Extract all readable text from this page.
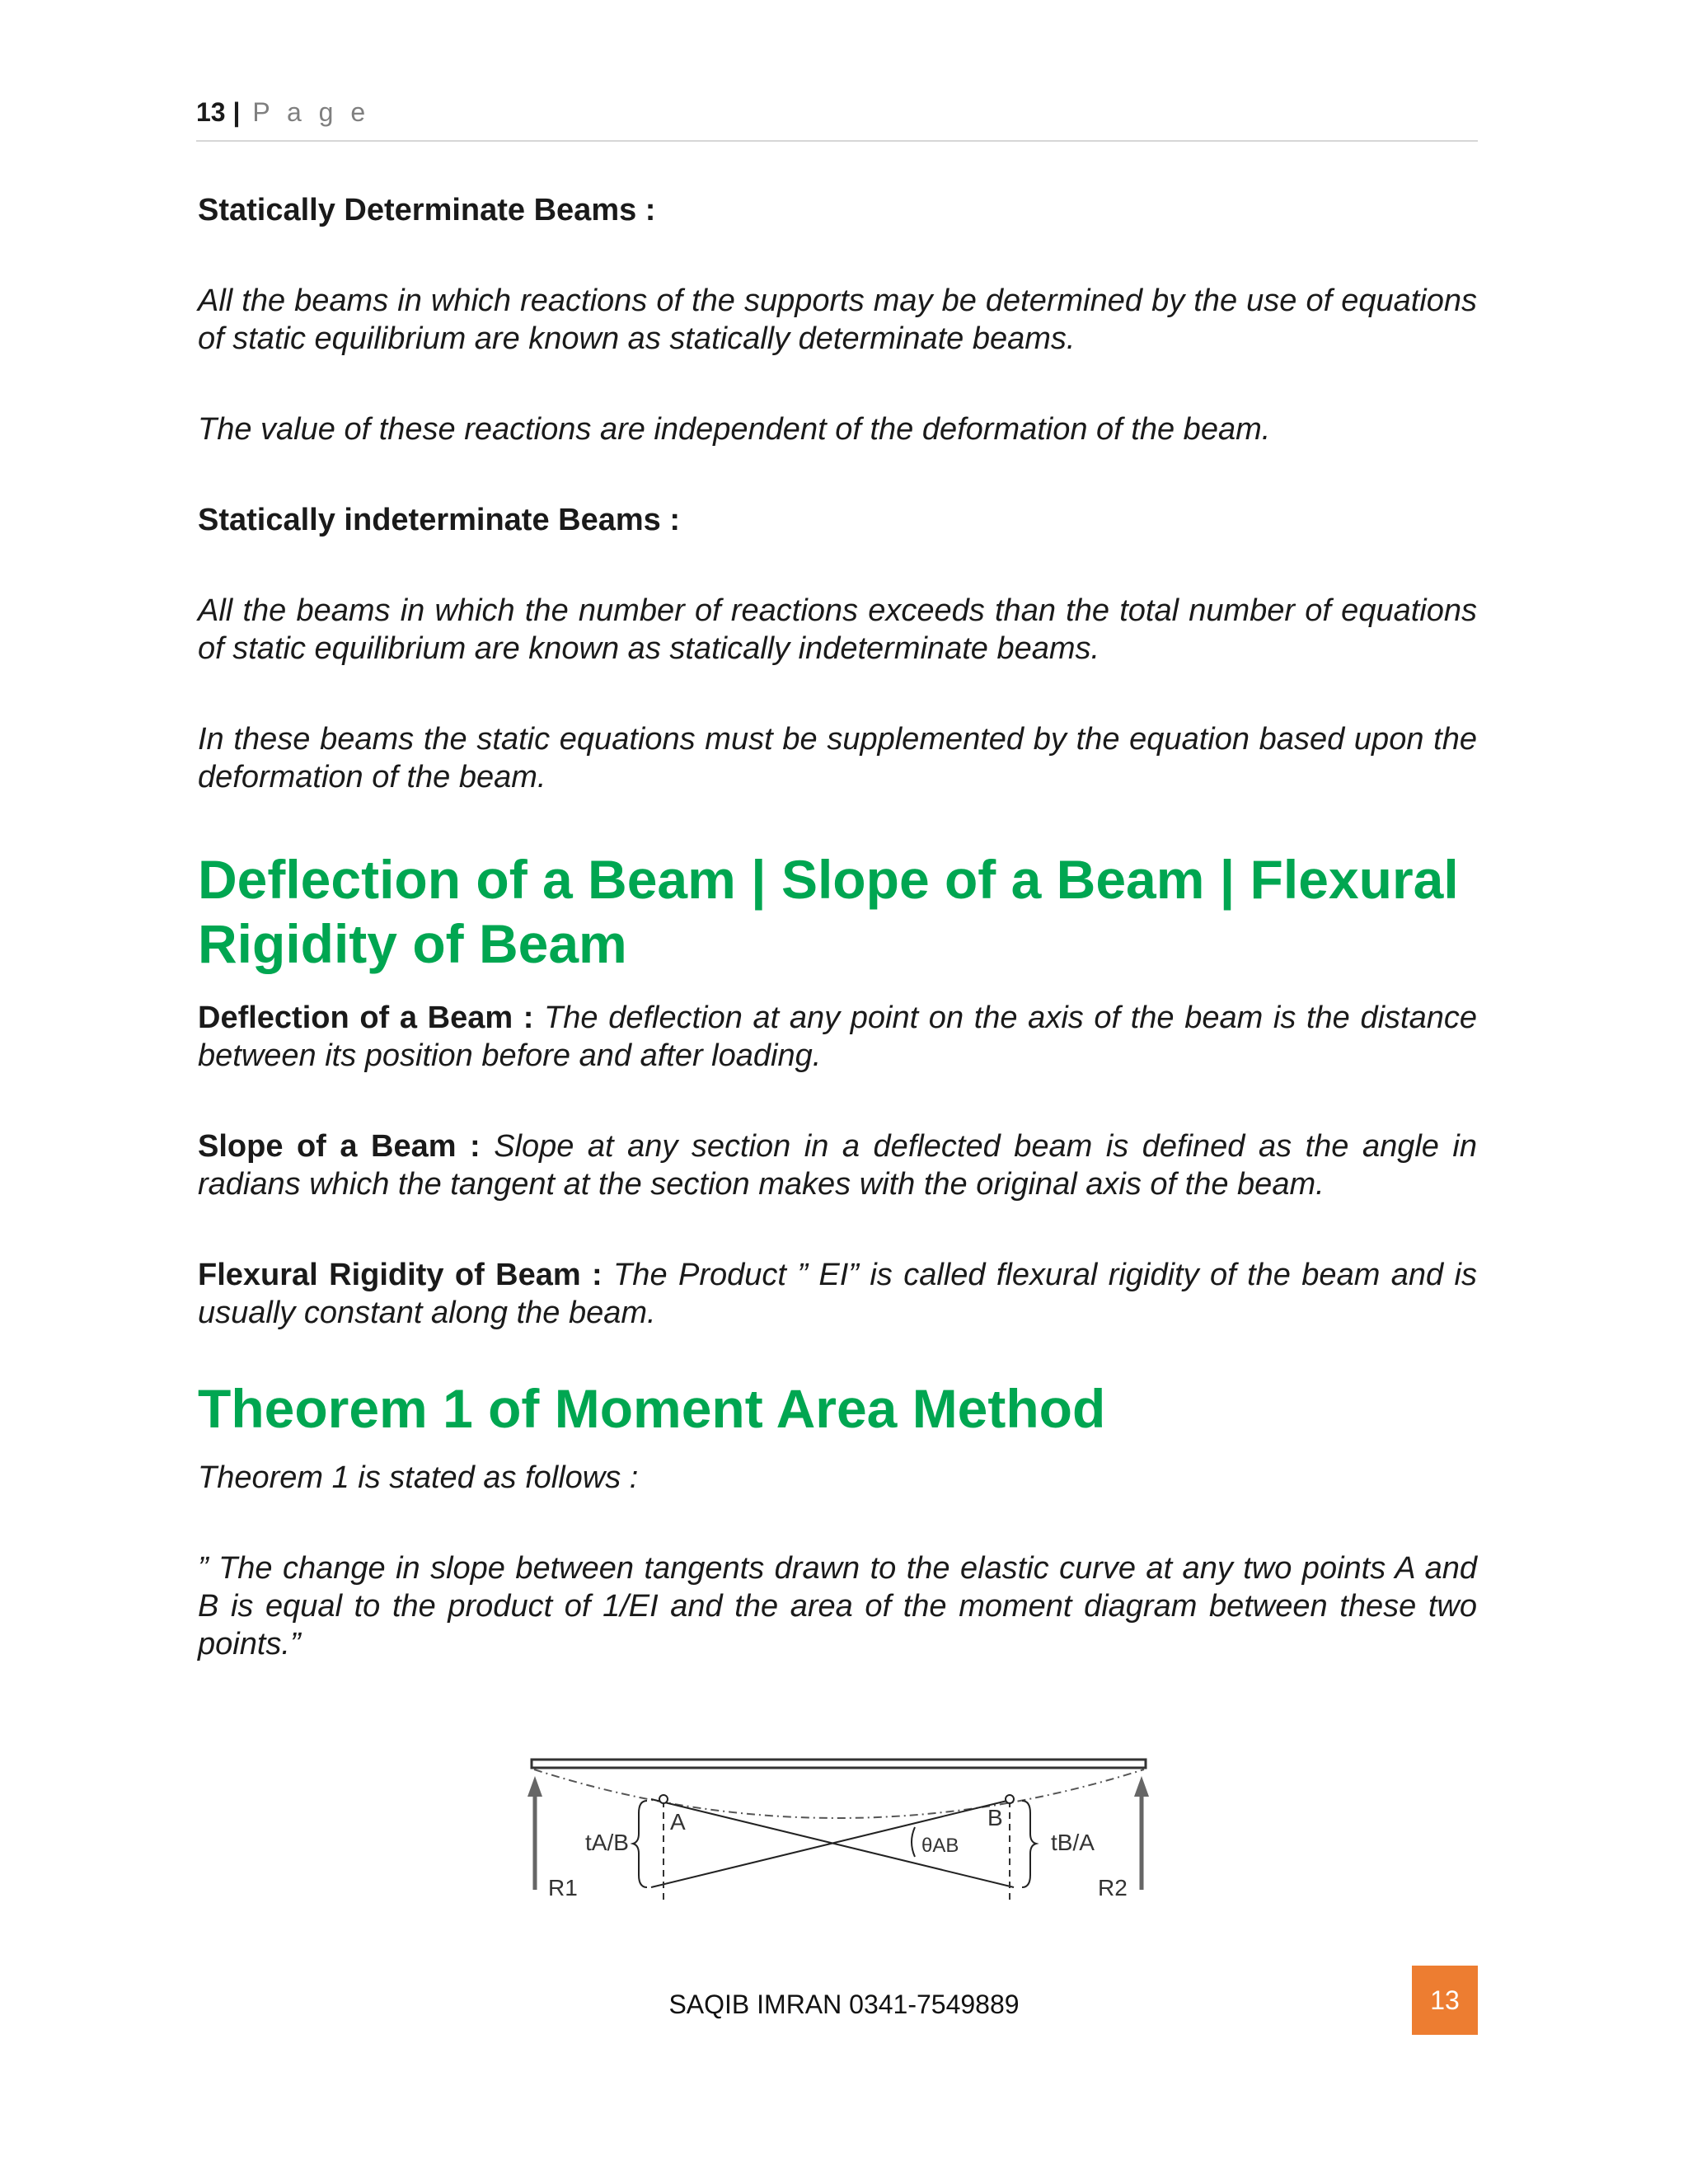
13 | P a g e

Statically Determinate Beams :

All the beams in which reactions of the supports may be determined by the use of equations of static equilibrium are known as statically determinate beams.

The value of these reactions are independent of the deformation of the beam.

Statically indeterminate Beams :

All the beams in which the number of reactions exceeds than the total number of equations of static equilibrium are known as statically indeterminate beams.

In these beams the static equations must be supplemented by the equation based upon the deformation of the beam.

Deflection of a Beam | Slope of a Beam | Flexural Rigidity of Beam

Deflection of a Beam : The deflection at any point on the axis of the beam is the distance between its position before and after loading.

Slope of a Beam : Slope at any section in a deflected beam is defined as the angle in radians which the tangent at the section makes with the original axis of the beam.

Flexural Rigidity of Beam : The Product ” EI” is called flexural rigidity of the beam and is usually constant along the beam.

Theorem 1 of Moment Area Method

Theorem 1 is stated as follows :

” The change in slope between tangents drawn to the elastic curve at any two points A and B is equal to the product of 1/EI and the area of the moment diagram between these two points.”

tA/B
A	B
θAB	tB/A
R1	R2
SAQIB IMRAN 0341-7549889	13
